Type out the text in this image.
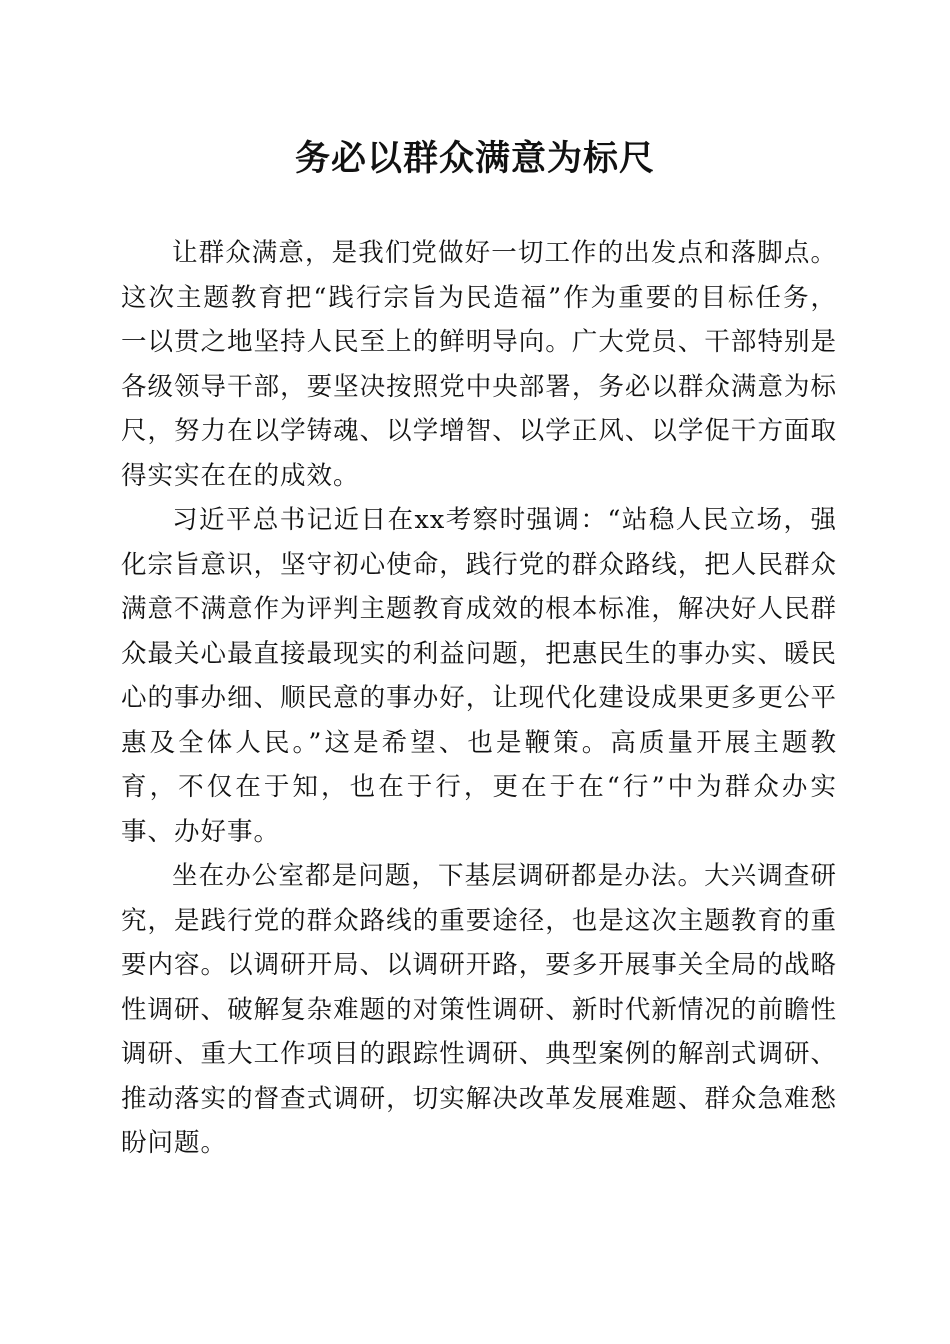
务必以群众满意为标尺

让群众满意，是我们党做好一切工作的出发点和落脚点。这次主题教育把“践行宗旨为民造福”作为重要的目标任务，一以贯之地坚持人民至上的鲜明导向。广大党员、干部特别是各级领导干部，要坚决按照党中央部署，务必以群众满意为标尺，努力在以学铸魂、以学增智、以学正风、以学促干方面取得实实在在的成效。

习近平总书记近日在xx考察时强调：“站稳人民立场，强化宗旨意识，坚守初心使命，践行党的群众路线，把人民群众满意不满意作为评判主题教育成效的根本标准，解决好人民群众最关心最直接最现实的利益问题，把惠民生的事办实、暖民心的事办细、顺民意的事办好，让现代化建设成果更多更公平惠及全体人民。”这是希望、也是鞭策。高质量开展主题教育，不仅在于知，也在于行，更在于在“行”中为群众办实事、办好事。

坐在办公室都是问题，下基层调研都是办法。大兴调查研究，是践行党的群众路线的重要途径，也是这次主题教育的重要内容。以调研开局、以调研开路，要多开展事关全局的战略性调研、破解复杂难题的对策性调研、新时代新情况的前瞻性调研、重大工作项目的跟踪性调研、典型案例的解剖式调研、推动落实的督查式调研，切实解决改革发展难题、群众急难愁盼问题。
